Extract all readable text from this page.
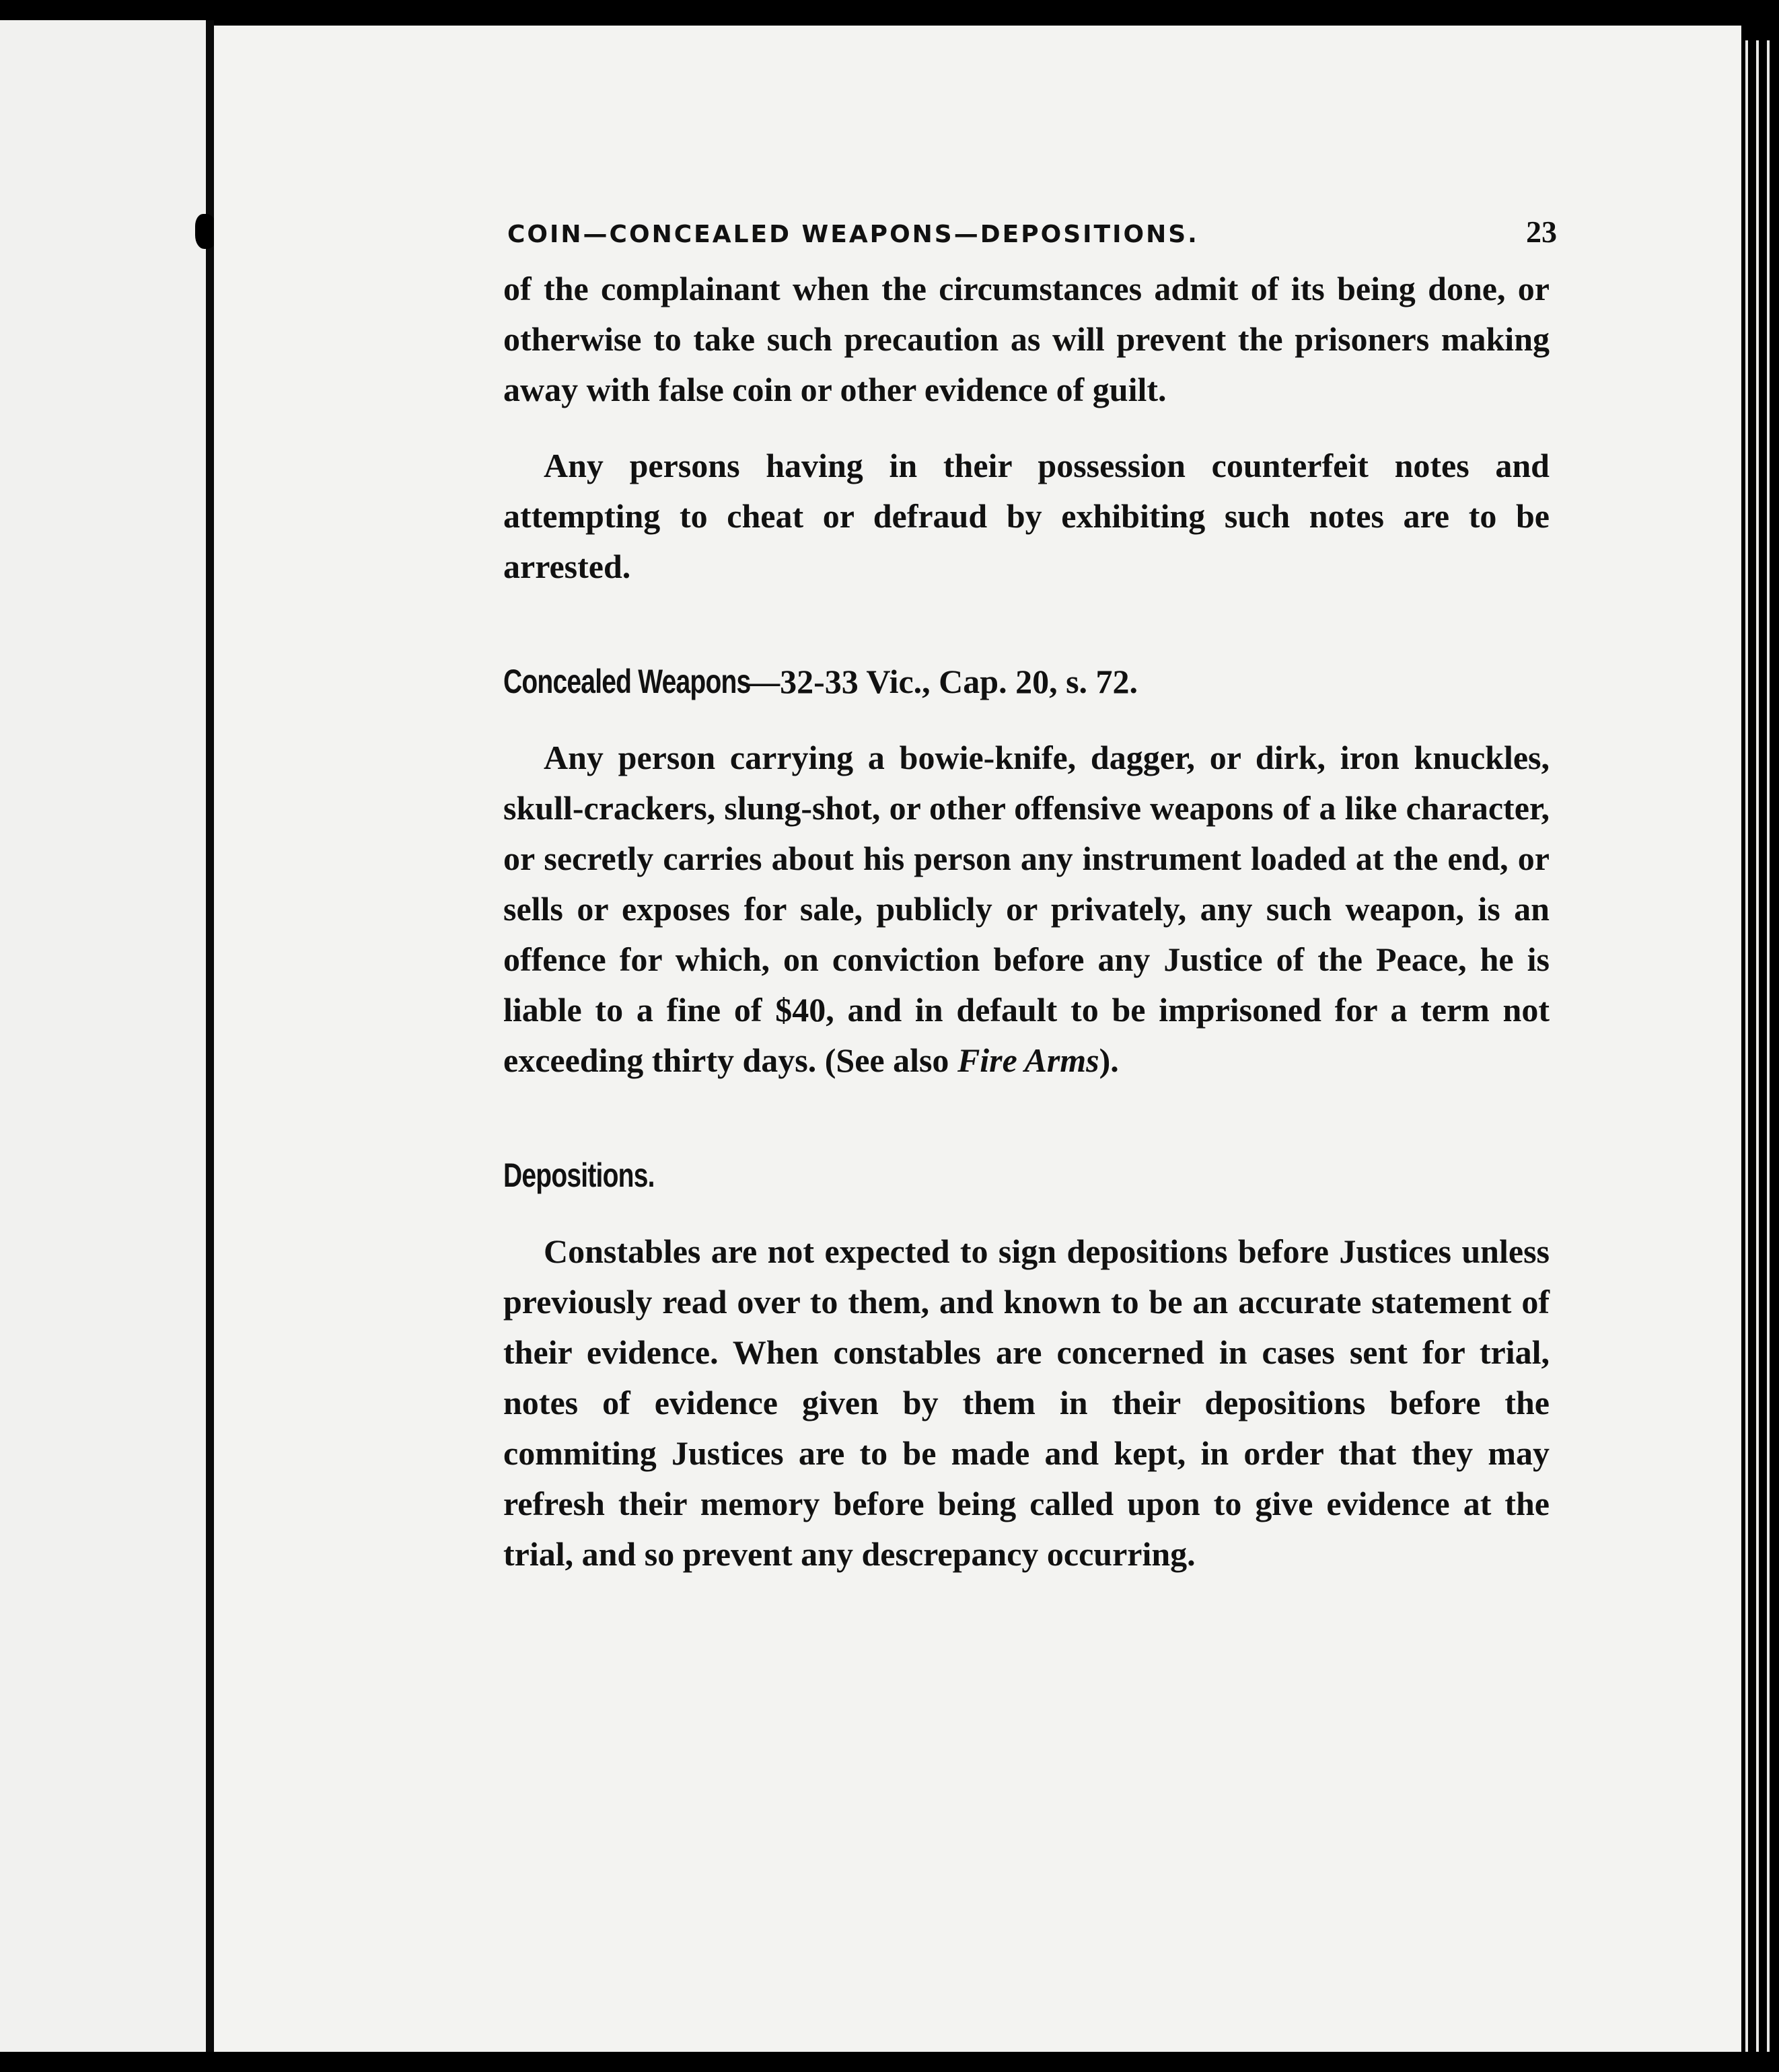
COIN—CONCEALED WEAPONS—DEPOSITIONS.	23

of the complainant when the circumstances admit of its being done, or otherwise to take such precaution as will prevent the prisoners making away with false coin or other evidence of guilt.

Any persons having in their possession counterfeit notes and attempting to cheat or defraud by exhibiting such notes are to be arrested.

Concealed Weapons—32-33 Vic., Cap. 20, s. 72.

Any person carrying a bowie-knife, dagger, or dirk, iron knuckles, skull-crackers, slung-shot, or other offensive weapons of a like character, or secretly carries about his person any instrument loaded at the end, or sells or exposes for sale, publicly or privately, any such weapon, is an offence for which, on conviction before any Justice of the Peace, he is liable to a fine of $40, and in default to be imprisoned for a term not exceeding thirty days. (See also Fire Arms).

Depositions.

Constables are not expected to sign depositions before Justices unless previously read over to them, and known to be an accurate statement of their evidence. When constables are concerned in cases sent for trial, notes of evidence given by them in their depositions before the commiting Justices are to be made and kept, in order that they may refresh their memory before being called upon to give evidence at the trial, and so prevent any descrepancy occurring.
